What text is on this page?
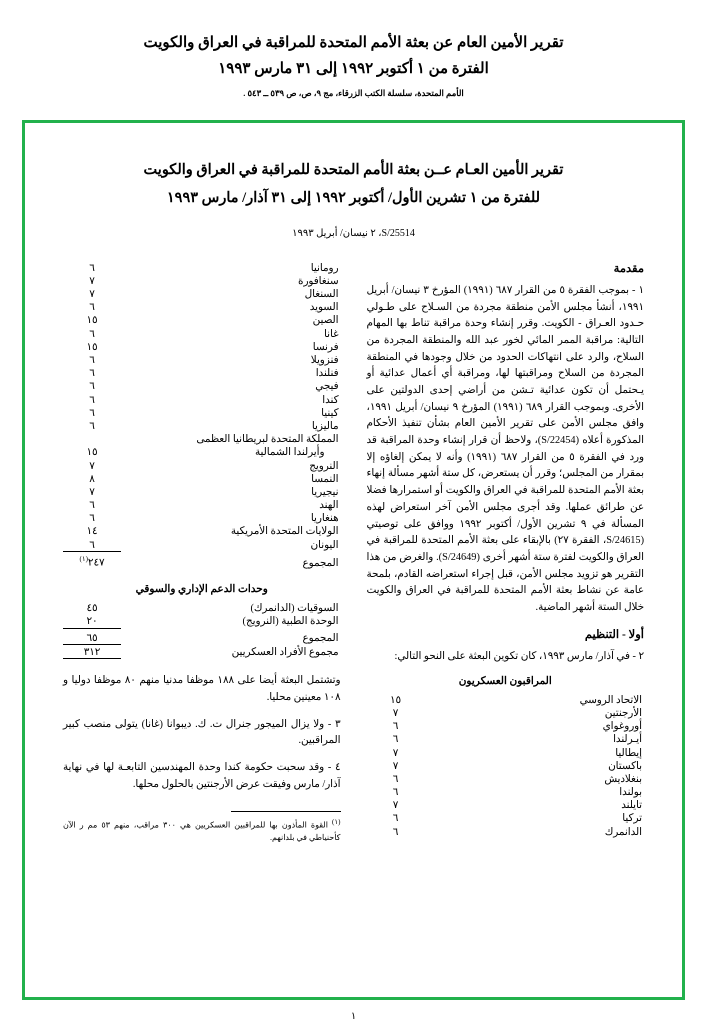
تقرير الأمين العام عن بعثة الأمم المتحدة للمراقبة في العراق والكويت
الفترة من ١ أكتوبر ١٩٩٢ إلى ٣١ مارس ١٩٩٣
الأمم المتحدة، سلسلة الكتب الزرقاء، مج ٩، ص، ص ٥٣٩ ــ ٥٤٣ .
تقرير الأمين العـام عــن بعثة الأمم المتحدة للمراقبة في العراق والكويت
للفترة من ١ تشرين الأول/ أكتوبر ١٩٩٢ إلى ٣١ آذار/ مارس ١٩٩٣
S/25514، ٢ نيسان/ أبريل ١٩٩٣
مقدمة

١ - بموجب الفقرة ٥ من القرار ٦٨٧ (١٩٩١) المؤرخ ٣ نيسان/ أبريل ١٩٩١، أنشأ مجلس الأمن منطقة مجردة من السـلاح على طـولي حـدود العـراق - الكويت. وقرر إنشاء وحدة مراقبة تناط بها المهام التالية: مراقبة الممر المائي لخور عبد الله والمنطقة المجردة من السلاح، والرد على انتهاكات الحدود من خلال وجودها في المنطقة المجردة من السلاح ومراقبتها لها، ومراقبة أي أعمال عدائية أو يـحتمل أن تكون عدائية تـشن من أراضي إحدى الدولتين على الأخرى. وبموجب القرار ٦٨٩ (١٩٩١) المؤرخ ٩ نيسان/ أبريل ١٩٩١، وافق مجلس الأمن على تقرير الأمين العام بشأن تنفيذ الأحكام المذكورة أعلاه (S/22454)، ولاحظ أن قرار إنشاء وحدة المراقبة قد ورد في الفقرة ٥ من القرار ٦٨٧ (١٩٩١) وأنه لا يمكن إلغاؤه إلا بمقرار من المجلس؛ وقرر أن يستعرض، كل ستة أشهر مسألة إنهاء بعثة الأمم المتحدة للمراقبة في العراق والكويت أو استمرارها فضلا عن طرائق عملها. وقد أجرى مجلس الأمن آخر استعراض لهذه المسألة في ٩ تشرين الأول/ أكتوبر ١٩٩٢ ووافق على توصيتي (S/24615، الفقرة ٢٧) بالإبقاء على بعثة الأمم المتحدة للمراقبة في العراق والكويت لفترة ستة أشهر أخرى (S/24649). والغرض من هذا التقرير هو تزويد مجلس الأمن، قبل إجراء استعراضه القادم، بلمحة عامة عن نشاط بعثة الأمم المتحدة للمراقبة في العراق والكويت خلال الستة أشهر الماضية.

أولا - التنظيم

٢ - في آذار/ مارس ١٩٩٣، كان تكوين البعثة على النحو التالي:

المراقبون العسكريون
الاتحاد الروسي	١٥
الأرجنتين	٧
أوروغواي	٦
أيـرلندا	٦
إيطاليا	٧
باكستان	٧
بنغلاديش	٦
بولندا	٦
تايلند	٧
تركيا	٦
الدانمرك	٦
رومانيا	٦
سنغافورة	٧
السنغال	٧
السويد	٦
الصين	١٥
غانا	٦
فرنسا	١٥
فنزويلا	٦
فنلندا	٦
فيجي	٦
كندا	٦
كينيا	٦
ماليزيا	٦
المملكة المتحدة لبريطانيا العظمى	
وأيرلندا الشمالية	١٥
النرويج	٧
النمسا	٨
نيجيريا	٧
الهند	٦
هنغاريا	٦
الولايات المتحدة الأمريكية	١٤
اليونان	٦
المجموع	٢٤٧$^{(١)}$
وحدات الدعم الإداري والسوقي
السوقيات (الدانمرك)	٤٥
الوحدة الطبية (النرويج)	٢٠
المجموع	٦٥
مجموع الأفراد العسكريين	٣١٢

وتشتمل البعثة أيضا على ١٨٨ موظفا مدنيا منهم ٨٠ موظفا دوليا و ١٠٨ معينين محليا.

٣ - ولا يزال الميجور جنرال ت. ك. ديبوانا (غانا) يتولى منصب كبير المراقبين.

٤ - وقد سحبت حكومة كندا وحدة المهندسين التابعـة لها في نهاية آذار/ مارس وفيقت عرض الأرجنتين بالحلول محلها.

(١) القوة المأذون بها للمراقبين العسكريين هي ٣٠٠ مراقب، منهم ٥٣ مم ر الآن كأحنياطي في بلدانهم.
١
